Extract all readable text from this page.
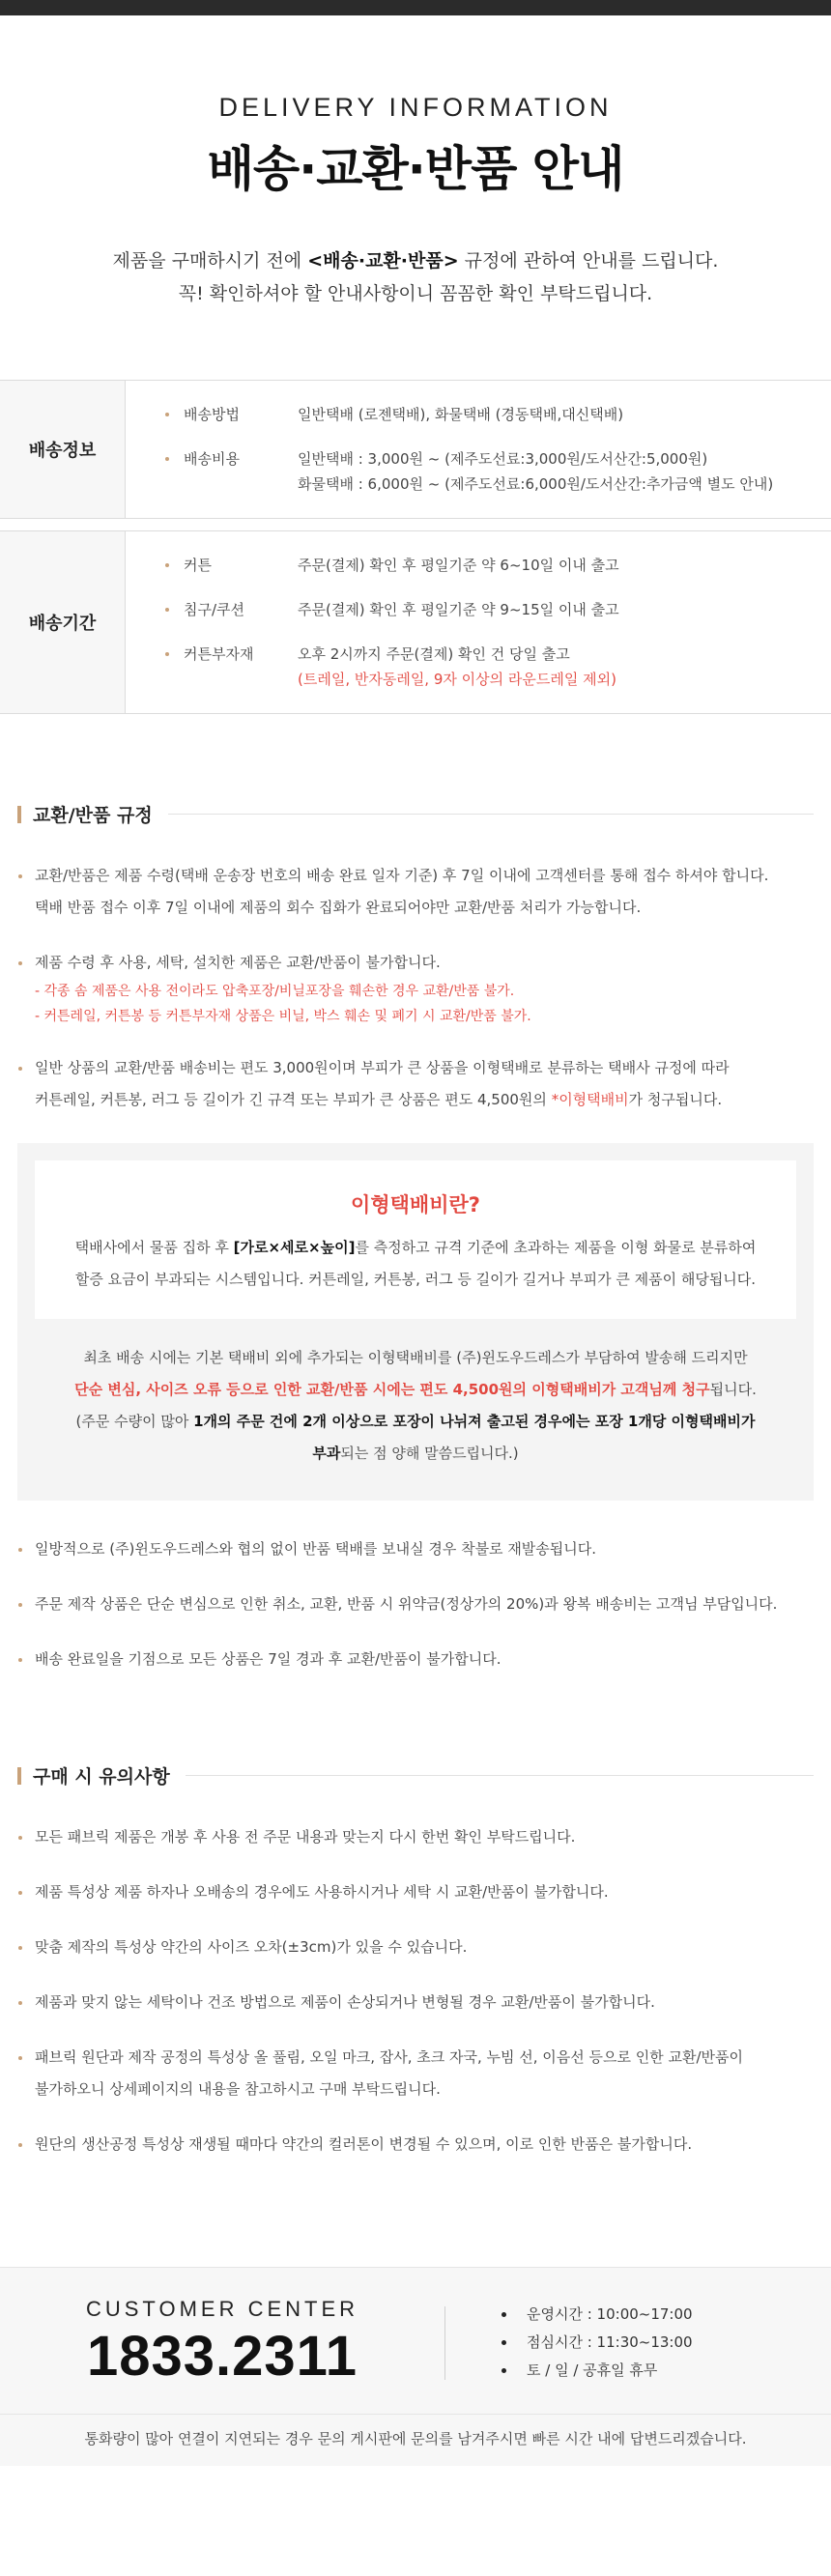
DELIVERY INFORMATION
배송·교환·반품 안내
제품을 구매하시기 전에 <배송·교환·반품> 규정에 관하여 안내를 드립니다.
꼭! 확인하셔야 할 안내사항이니 꼼꼼한 확인 부탁드립니다.
배송정보
배송방법	일반택배 (로젠택배), 화물택배 (경동택배,대신택배)
배송비용	일반택배 : 3,000원 ~ (제주도선료:3,000원/도서산간:5,000원)
화물택배 : 6,000원 ~ (제주도선료:6,000원/도서산간:추가금액 별도 안내)
배송기간
커튼	주문(결제) 확인 후 평일기준 약 6~10일 이내 출고
침구/쿠션	주문(결제) 확인 후 평일기준 약 9~15일 이내 출고
커튼부자재	오후 2시까지 주문(결제) 확인 건 당일 출고
(트레일, 반자동레일, 9자 이상의 라운드레일 제외)
교환/반품 규정
교환/반품은 제품 수령(택배 운송장 번호의 배송 완료 일자 기준) 후 7일 이내에 고객센터를 통해 접수 하셔야 합니다.
택배 반품 접수 이후 7일 이내에 제품의 회수 집화가 완료되어야만 교환/반품 처리가 가능합니다.
제품 수령 후 사용, 세탁, 설치한 제품은 교환/반품이 불가합니다.
- 각종 솜 제품은 사용 전이라도 압축포장/비닐포장을 훼손한 경우 교환/반품 불가.
- 커튼레일, 커튼봉 등 커튼부자재 상품은 비닐, 박스 훼손 및 폐기 시 교환/반품 불가.
일반 상품의 교환/반품 배송비는 편도 3,000원이며 부피가 큰 상품을 이형택배로 분류하는 택배사 규정에 따라
커튼레일, 커튼봉, 러그 등 길이가 긴 규격 또는 부피가 큰 상품은 편도 4,500원의 *이형택배비가 청구됩니다.
이형택배비란?
택배사에서 물품 집하 후 [가로×세로×높이]를 측정하고 규격 기준에 초과하는 제품을 이형 화물로 분류하여
할증 요금이 부과되는 시스템입니다. 커튼레일, 커튼봉, 러그 등 길이가 길거나 부피가 큰 제품이 해당됩니다.
최초 배송 시에는 기본 택배비 외에 추가되는 이형택배비를 (주)윈도우드레스가 부담하여 발송해 드리지만
단순 변심, 사이즈 오류 등으로 인한 교환/반품 시에는 편도 4,500원의 이형택배비가 고객님께 청구됩니다.
(주문 수량이 많아 1개의 주문 건에 2개 이상으로 포장이 나뉘져 출고된 경우에는 포장 1개당 이형택배비가
부과되는 점 양해 말씀드립니다.)
일방적으로 (주)윈도우드레스와 협의 없이 반품 택배를 보내실 경우 착불로 재발송됩니다.
주문 제작 상품은 단순 변심으로 인한 취소, 교환, 반품 시 위약금(정상가의 20%)과 왕복 배송비는 고객님 부담입니다.
배송 완료일을 기점으로 모든 상품은 7일 경과 후 교환/반품이 불가합니다.
구매 시 유의사항
모든 패브릭 제품은 개봉 후 사용 전 주문 내용과 맞는지 다시 한번 확인 부탁드립니다.
제품 특성상 제품 하자나 오배송의 경우에도 사용하시거나 세탁 시 교환/반품이 불가합니다.
맞춤 제작의 특성상 약간의 사이즈 오차(±3cm)가 있을 수 있습니다.
제품과 맞지 않는 세탁이나 건조 방법으로 제품이 손상되거나 변형될 경우 교환/반품이 불가합니다.
패브릭 원단과 제작 공정의 특성상 올 풀림, 오일 마크, 잡사, 초크 자국, 누빔 선, 이음선 등으로 인한 교환/반품이
불가하오니 상세페이지의 내용을 참고하시고 구매 부탁드립니다.
원단의 생산공정 특성상 재생될 때마다 약간의 컬러톤이 변경될 수 있으며, 이로 인한 반품은 불가합니다.
CUSTOMER CENTER
1833.2311
운영시간 : 10:00~17:00
점심시간 : 11:30~13:00
토 / 일 / 공휴일 휴무
통화량이 많아 연결이 지연되는 경우 문의 게시판에 문의를 남겨주시면 빠른 시간 내에 답변드리겠습니다.
